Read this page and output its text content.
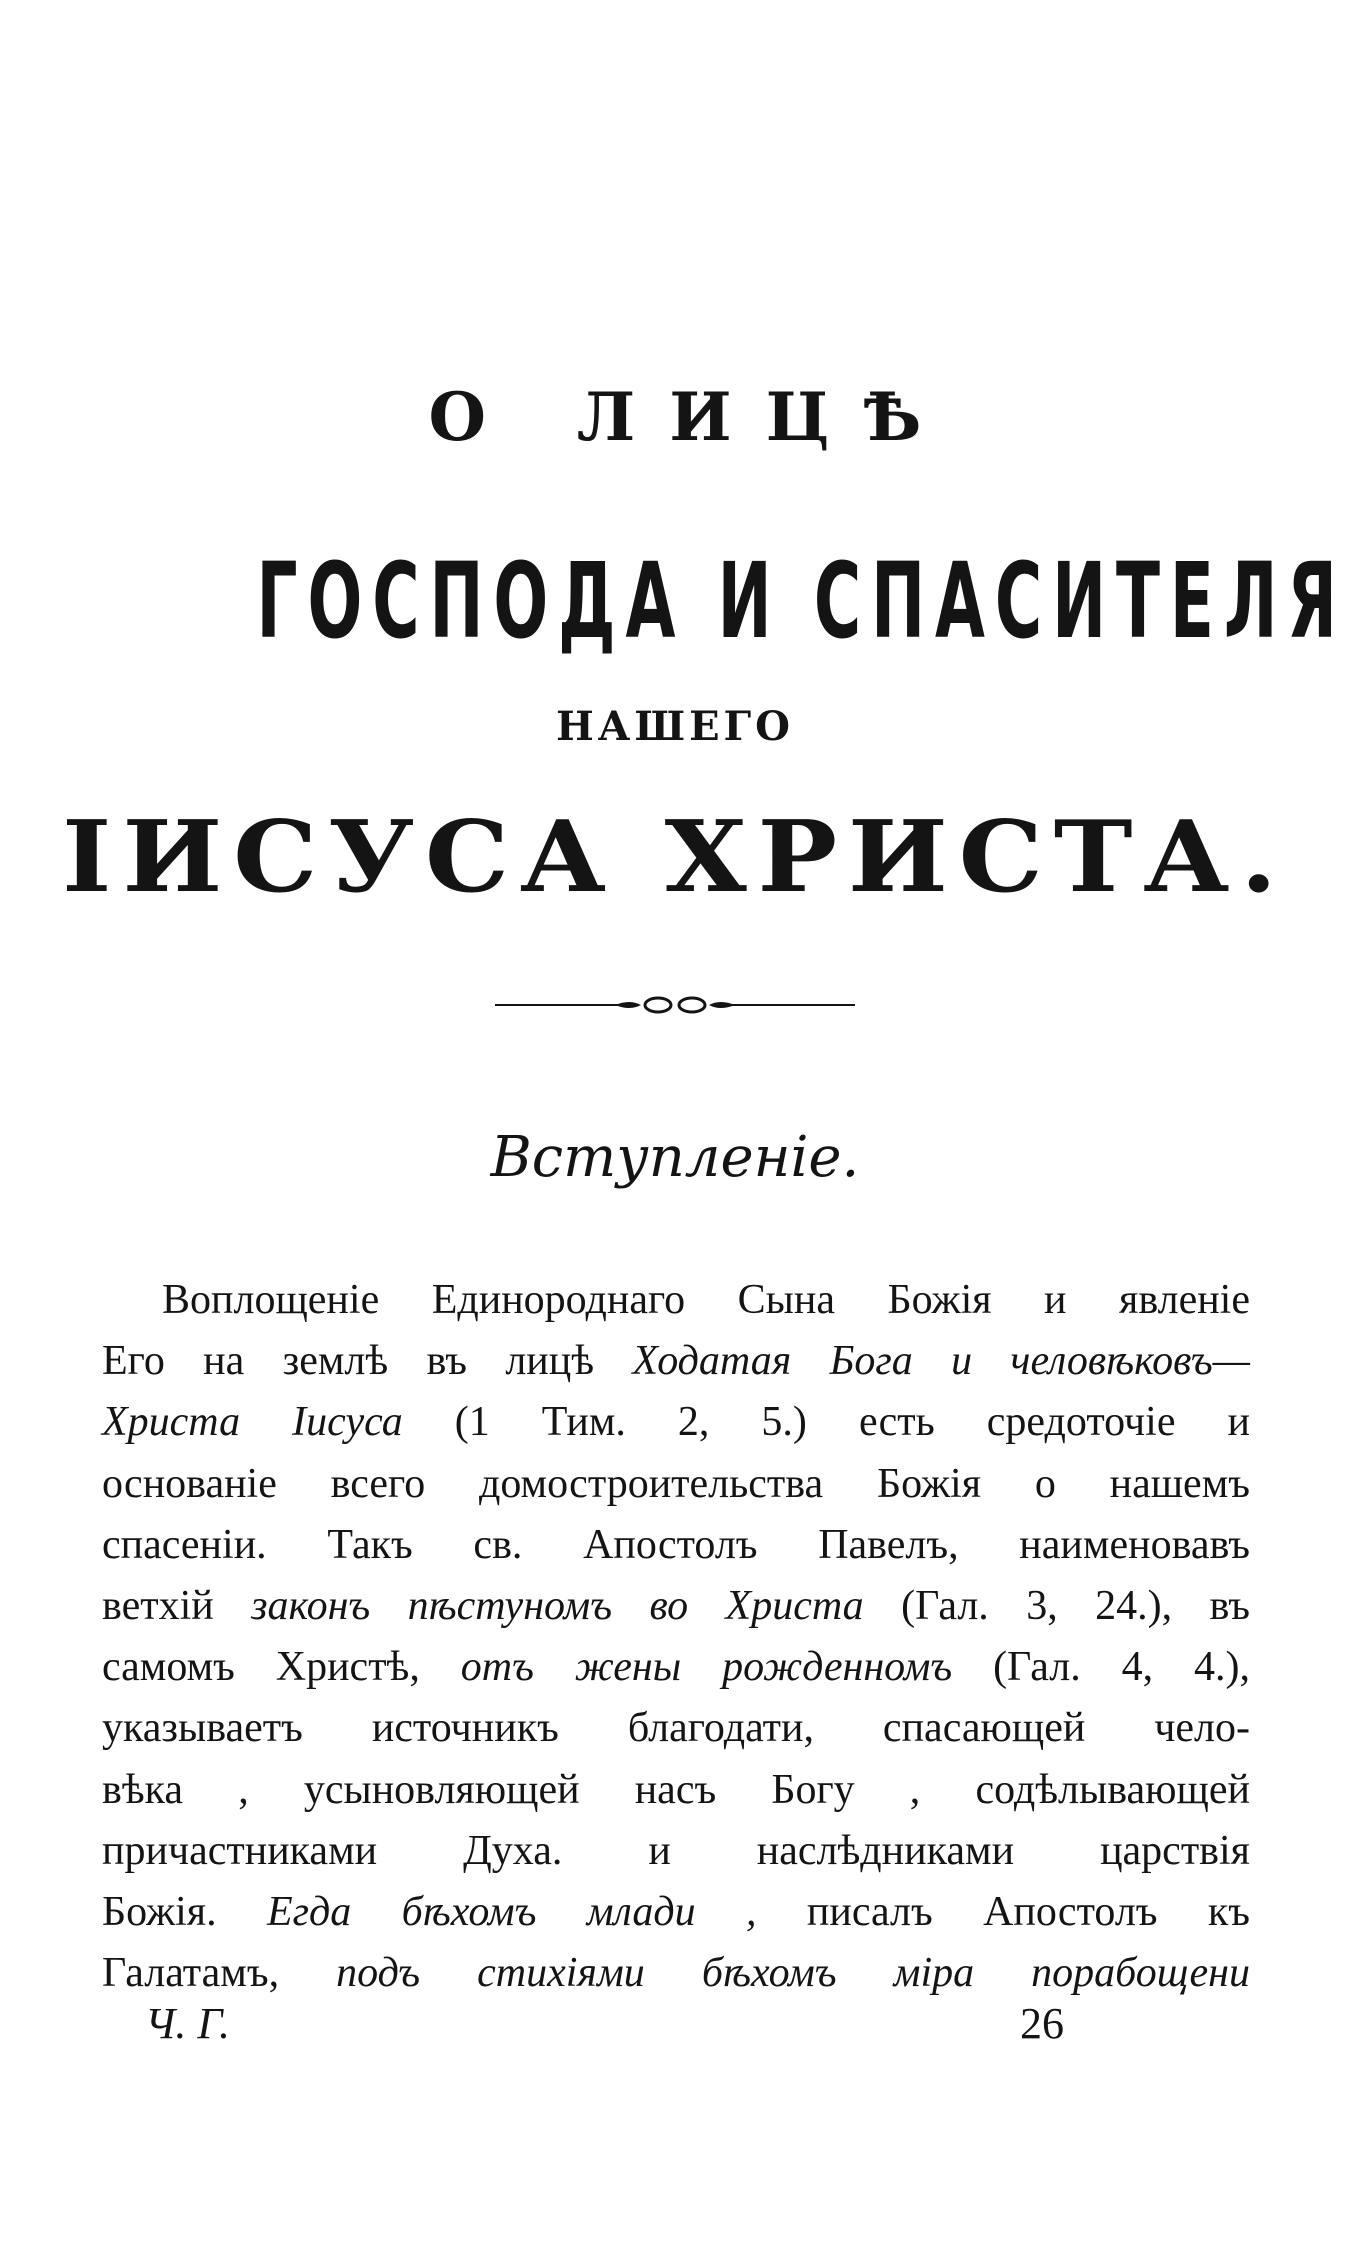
О ЛИЦѢ
ГОСПОДА И СПАСИТЕЛЯ
НАШЕГО
ІИСУСА ХРИСТА.
Вступленіе.
Воплощеніе Единороднаго Сына Божія и явленіе
Его на землѣ въ лицѣ Ходатая Бога и человѣковъ—
Христа Іисуса (1 Тим. 2, 5.) есть средоточіе и
основаніе всего домостроительства Божія о нашемъ
спасеніи. Такъ св. Апостолъ Павелъ, наименовавъ
ветхій законъ пѣстуномъ во Христа (Гал. 3, 24.), въ
самомъ Христѣ, отъ жены рожденномъ (Гал. 4, 4.),
указываетъ источникъ благодати, спасающей чело-
вѣка , усыновляющей насъ Богу , содѣлывающей
причастниками Духа. и наслѣдниками царствія
Божія. Егда бѣхомъ млади , писалъ Апостолъ къ
Галатамъ, подъ стихіями бѣхомъ міра порабощени
Ч. Г.	26
